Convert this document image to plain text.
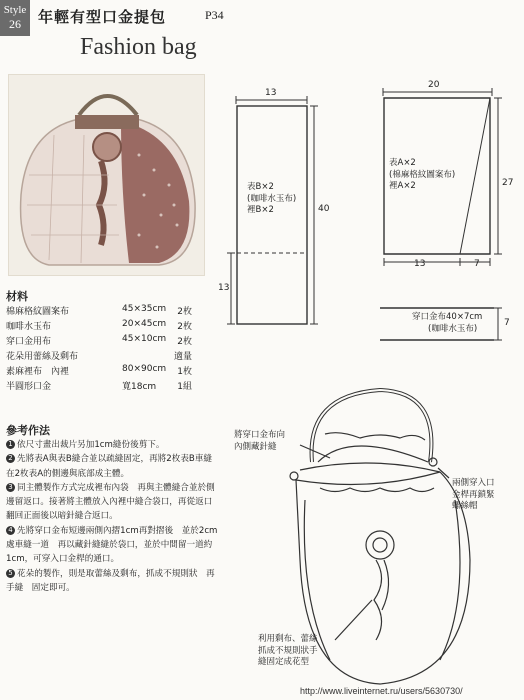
Style
26	年輕有型口金提包	P34
Fashion bag
材料
棉麻格紋圖案布	45×35cm 2枚
咖啡水玉布	20×45cm 2枚
穿口金用布	45×10cm 2枚
花朵用蕾絲及剩布	適量
素麻裡布　內裡	80×90cm 1枚
半圓形口金	寬18cm 1組
參考作法
1 依尺寸畫出裁片另加1cm縫份後剪下。
2 先將表A與表B縫合並以疏縫固定，再將2枚表B車縫在2枚表A的側邊與底部成主體。
3 同主體製作方式完成裡布內袋　再與主體縫合並於側邊留返口。接著將主體放入內裡中縫合袋口，再從返口翻回正面後以暗針縫合返口。
4 先將穿口金布短邊兩側內摺1cm再對摺後　並於2cm處車縫一道　再以藏針縫縫於袋口，並於中間留一道約1cm，可穿入口金桿的通口。
5 花朵的製作，則是取蕾絲及剩布，抓成不規則狀　再手縫　固定即可。
13
40
13
表B×2
(咖啡水玉布)
裡B×2
20
27
13	7
表A×2
(棉麻格紋圖案布)
裡A×2
穿口金布40×7cm
(咖啡水玉布)
7
將穿口金布向
內側藏針縫
兩側穿入口
金桿再鎖緊
螺絲帽
利用剩布、蕾絲
抓成不規則狀手
縫固定成花型
http://www.liveinternet.ru/users/5630730/
